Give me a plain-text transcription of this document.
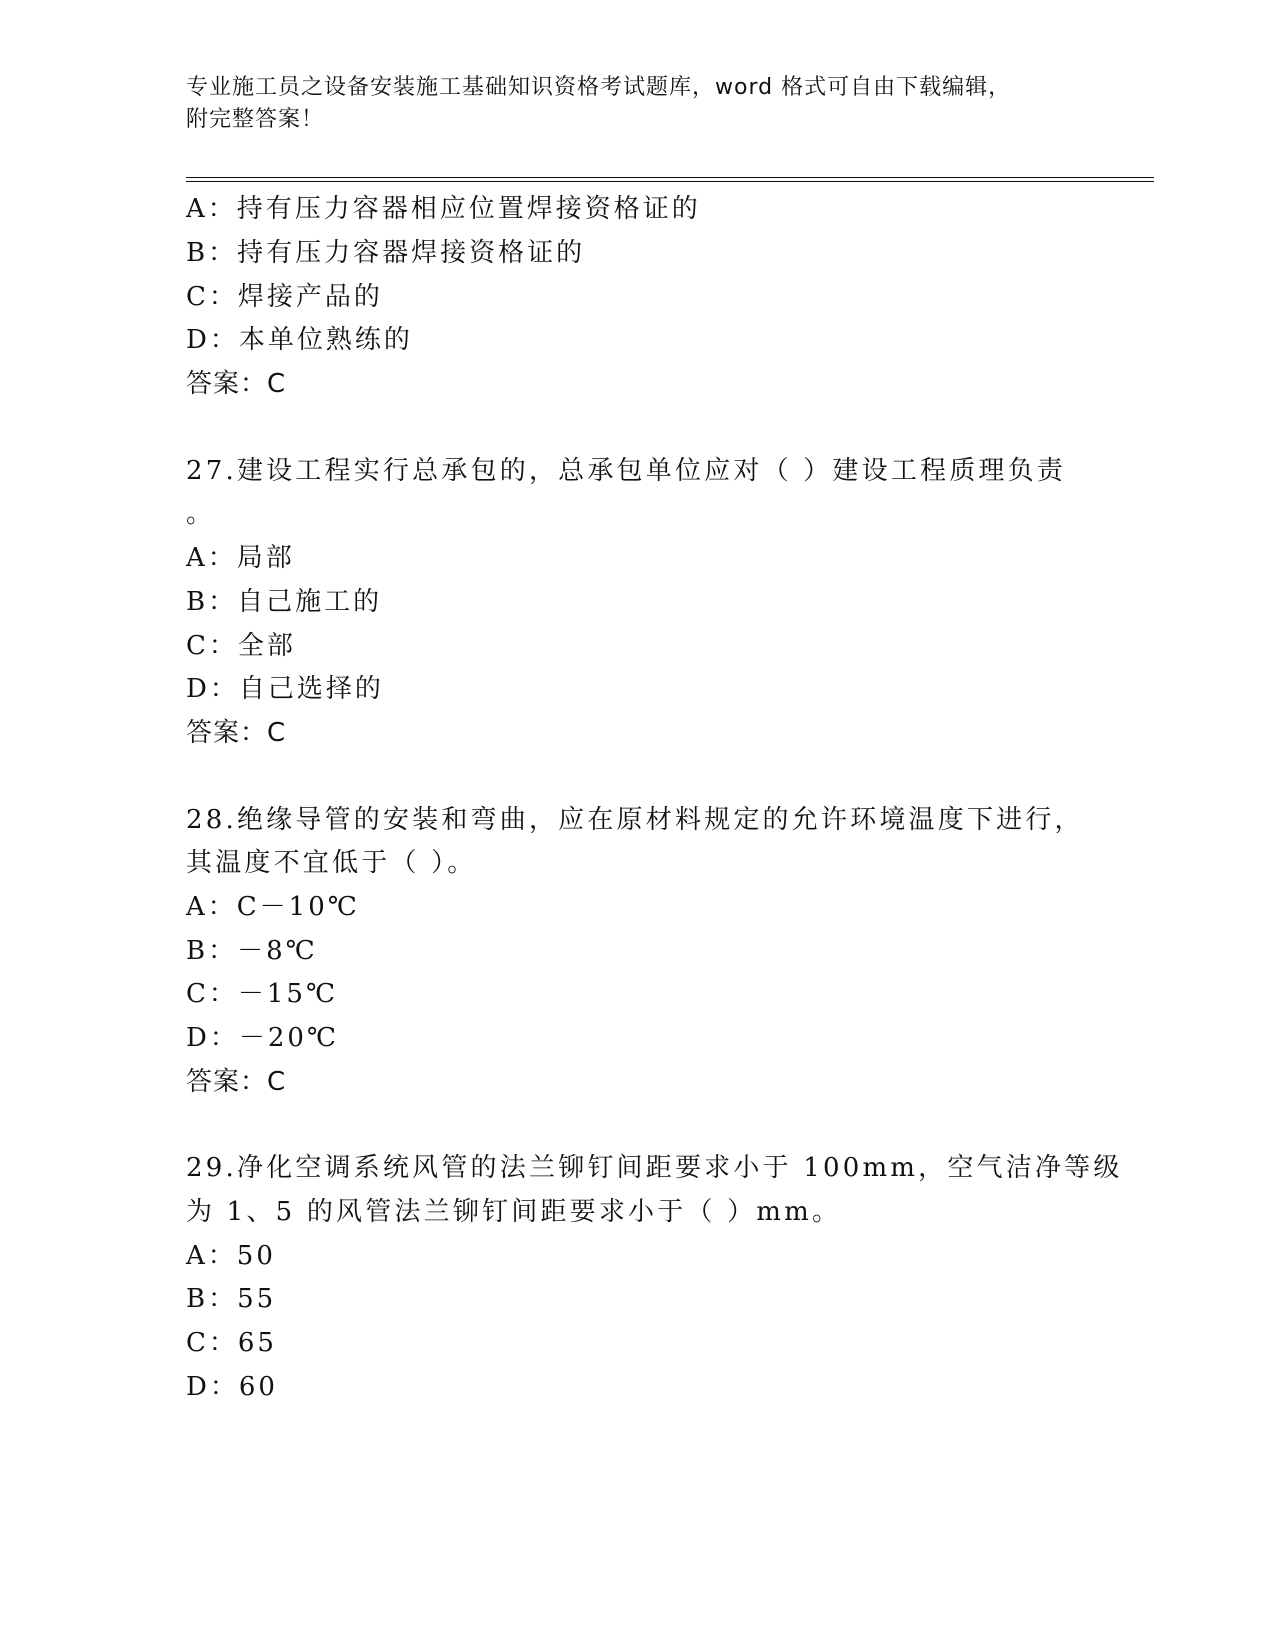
专业施工员之设备安装施工基础知识资格考试题库，word 格式可自由下载编辑，
附完整答案！
A：持有压力容器相应位置焊接资格证的
B：持有压力容器焊接资格证的
C：焊接产品的
D：本单位熟练的
答案：C
27.建设工程实行总承包的，总承包单位应对（ ）建设工程质理负责
。
A：局部
B：自己施工的
C：全部
D：自己选择的
答案：C
28.绝缘导管的安装和弯曲，应在原材料规定的允许环境温度下进行，
其温度不宜低于（ ）。
A：C－10℃
B：－8℃
C：－15℃
D：－20℃
答案：C
29.净化空调系统风管的法兰铆钉间距要求小于 100mm，空气洁净等级
为 1、5 的风管法兰铆钉间距要求小于（ ）mm。
A：50
B：55
C：65
D：60
